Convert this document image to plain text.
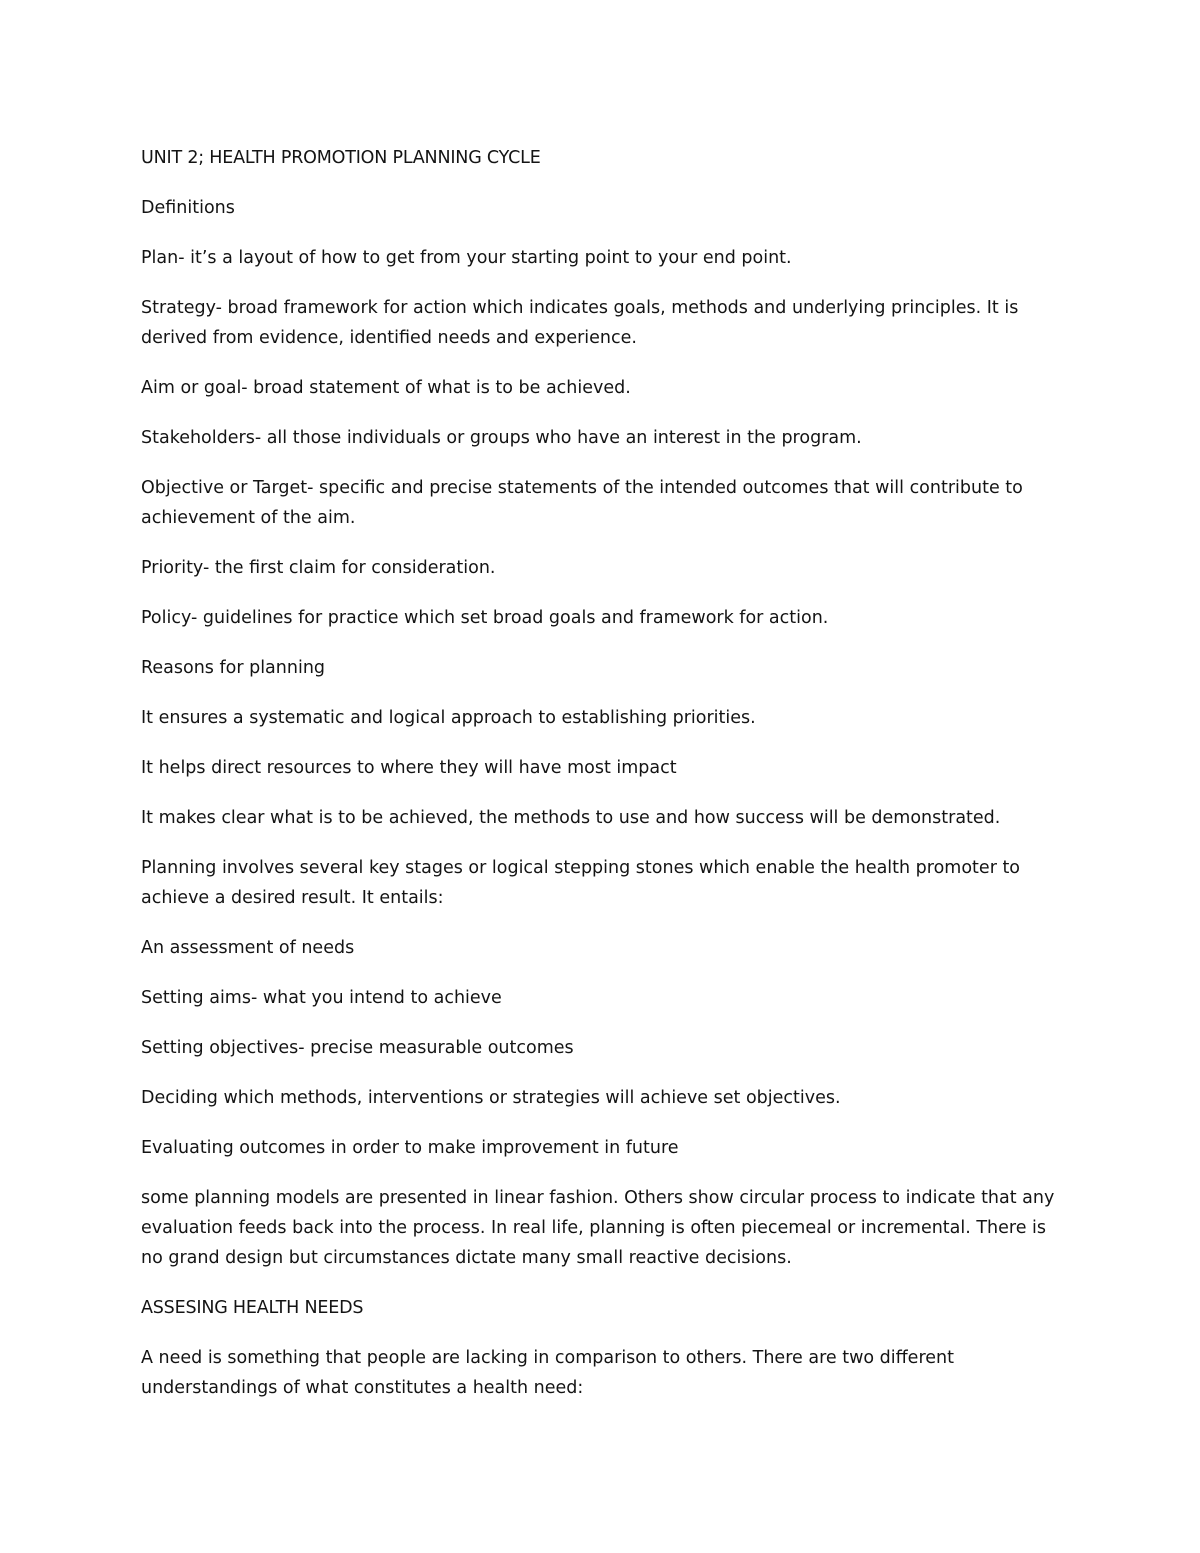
UNIT 2; HEALTH PROMOTION PLANNING CYCLE

Definitions

Plan- it’s a layout of how to get from your starting point to your end point.

Strategy- broad framework for action which indicates goals, methods and underlying principles. It is derived from evidence, identified needs and experience.

Aim or goal- broad statement of what is to be achieved.

Stakeholders- all those individuals or groups who have an interest in the program.

Objective or Target- specific and precise statements of the intended outcomes that will contribute to achievement of the aim.

Priority- the first claim for consideration.

Policy- guidelines for practice which set broad goals and framework for action.

Reasons for planning

It ensures a systematic and logical approach to establishing priorities.

It helps direct resources to where they will have most impact

It makes clear what is to be achieved, the methods to use and how success will be demonstrated.

Planning involves several key stages or logical stepping stones which enable the health promoter to achieve a desired result. It entails:

An assessment of needs

Setting aims- what you intend to achieve

Setting objectives- precise measurable outcomes

Deciding which methods, interventions or strategies will achieve set objectives.

Evaluating outcomes in order to make improvement in future

some planning models are presented in linear fashion. Others show circular process to indicate that any evaluation feeds back into the process. In real life, planning is often piecemeal or incremental. There is no grand design but circumstances dictate many small reactive decisions.

ASSESING HEALTH NEEDS

A need is something that people are lacking in comparison to others. There are two different understandings of what constitutes a health need:
